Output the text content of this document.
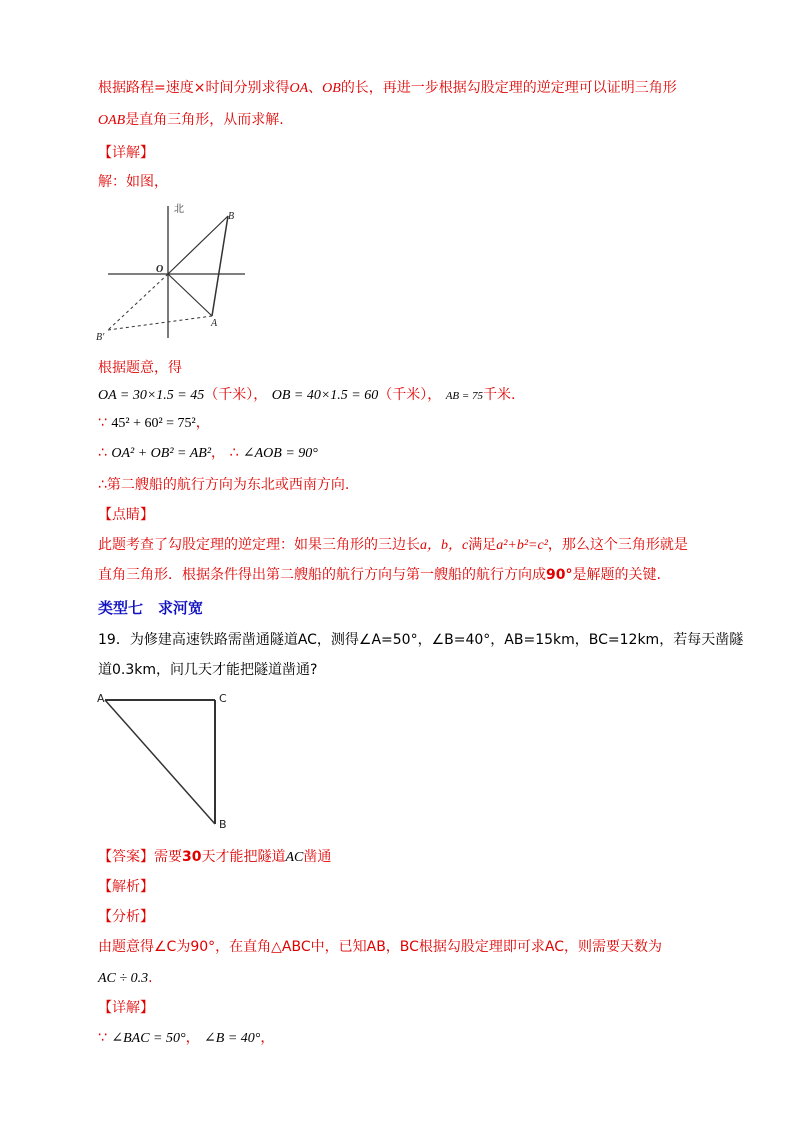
根据路程=速度×时间分别求得OA、OB的长，再进一步根据勾股定理的逆定理可以证明三角形
OAB是直角三角形，从而求解.
【详解】
解：如图，
北
O
B
A
B′
根据题意，得
OA = 30×1.5 = 45（千米）， OB = 40×1.5 = 60（千米）， AB = 75千米.
∵ 45² + 60² = 75²，
∴ OA² + OB² = AB²， ∴ ∠AOB = 90°
∴第二艘船的航行方向为东北或西南方向.
【点睛】
此题考查了勾股定理的逆定理：如果三角形的三边长a，b，c满足a²+b²=c²，那么这个三角形就是
直角三角形．根据条件得出第二艘船的航行方向与第一艘船的航行方向成90°是解题的关键.
类型七　求河宽
19．为修建高速铁路需凿通隧道AC，测得∠A=50°，∠B=40°，AB=15km，BC=12km，若每天凿隧
道0.3km，问几天才能把隧道凿通?
A	C
B
【答案】需要30天才能把隧道AC凿通
【解析】
【分析】
由题意得∠C为90°，在直角△ABC中，已知AB，BC根据勾股定理即可求AC，则需要天数为
AC ÷ 0.3.
【详解】
∵ ∠BAC = 50°， ∠B = 40°，
